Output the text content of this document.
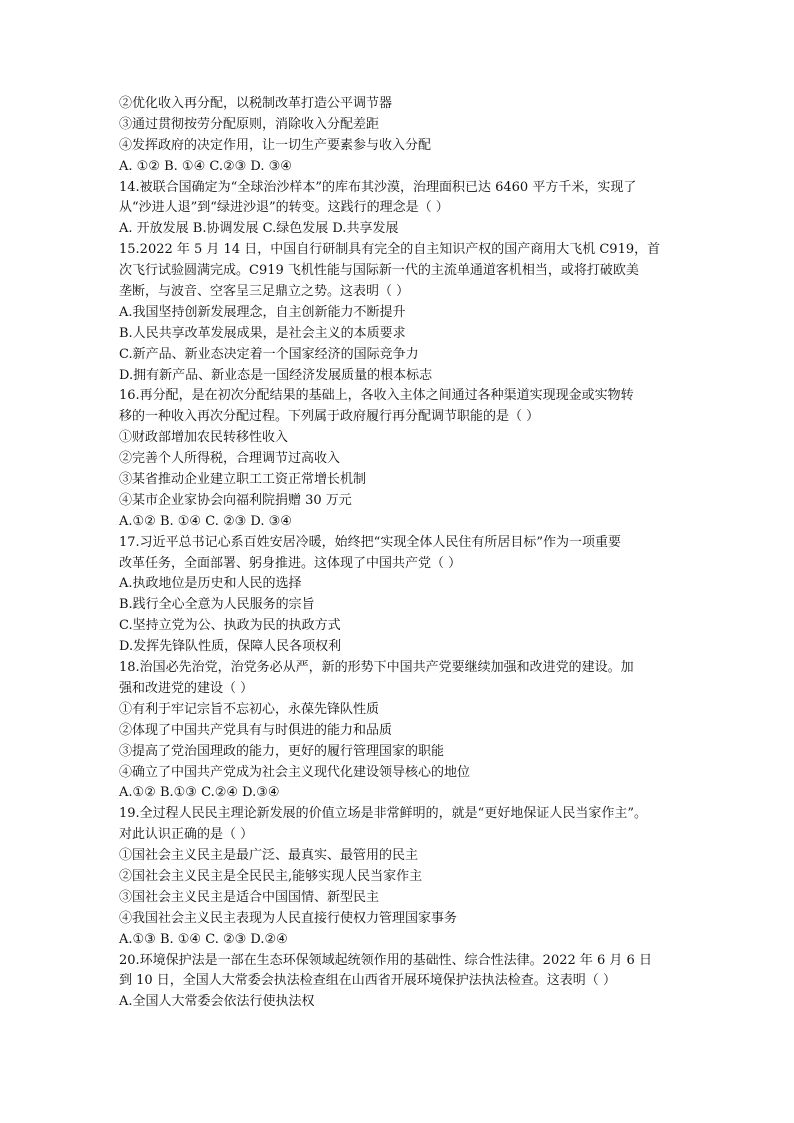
②优化收入再分配，以税制改革打造公平调节器
③通过贯彻按劳分配原则，消除收入分配差距
④发挥政府的决定作用，让一切生产要素参与收入分配
A. ①② B. ①④ C.②③ D. ③④
14.被联合国确定为“全球治沙样本”的库布其沙漠，治理面积已达 6460 平方千米，实现了
从“沙进人退”到“绿进沙退”的转变。这践行的理念是（ ）
A. 开放发展 B.协调发展 C.绿色发展 D.共享发展
15.2022 年 5 月 14 日，中国自行研制具有完全的自主知识产权的国产商用大飞机 C919，首
次飞行试验圆满完成。C919 飞机性能与国际新一代的主流单通道客机相当，或将打破欧美
垄断，与波音、空客呈三足鼎立之势。这表明（ ）
A.我国坚持创新发展理念，自主创新能力不断提升
B.人民共享改革发展成果，是社会主义的本质要求
C.新产品、新业态决定着一个国家经济的国际竞争力
D.拥有新产品、新业态是一国经济发展质量的根本标志
16.再分配，是在初次分配结果的基础上，各收入主体之间通过各种渠道实现现金或实物转
移的一种收入再次分配过程。下列属于政府履行再分配调节职能的是（ ）
①财政部增加农民转移性收入
②完善个人所得税，合理调节过高收入
③某省推动企业建立职工工资正常增长机制
④某市企业家协会向福利院捐赠 30 万元
A.①② B. ①④ C. ②③ D. ③④
17.习近平总书记心系百姓安居冷暖，始终把“实现全体人民住有所居目标”作为一项重要
改革任务，全面部署、躬身推进。这体现了中国共产党（ ）
A.执政地位是历史和人民的选择
B.践行全心全意为人民服务的宗旨
C.坚持立党为公、执政为民的执政方式
D.发挥先锋队性质，保障人民各项权利
18.治国必先治党，治党务必从严，新的形势下中国共产党要继续加强和改进党的建设。加
强和改进党的建设（ ）
①有利于牢记宗旨不忘初心，永葆先锋队性质
②体现了中国共产党具有与时俱进的能力和品质
③提高了党治国理政的能力，更好的履行管理国家的职能
④确立了中国共产党成为社会主义现代化建设领导核心的地位
A.①② B.①③ C.②④ D.③④
19.全过程人民民主理论新发展的价值立场是非常鲜明的，就是“更好地保证人民当家作主”。
对此认识正确的是（ ）
①国社会主义民主是最广泛、最真实、最管用的民主
②国社会主义民主是全民民主,能够实现人民当家作主
③国社会主义民主是适合中国国情、新型民主
④我国社会主义民主表现为人民直接行使权力管理国家事务
A.①③ B. ①④ C. ②③ D.②④
20.环境保护法是一部在生态环保领域起统领作用的基础性、综合性法律。2022 年 6 月 6 日
到 10 日，全国人大常委会执法检查组在山西省开展环境保护法执法检查。这表明（ ）
A.全国人大常委会依法行使执法权
